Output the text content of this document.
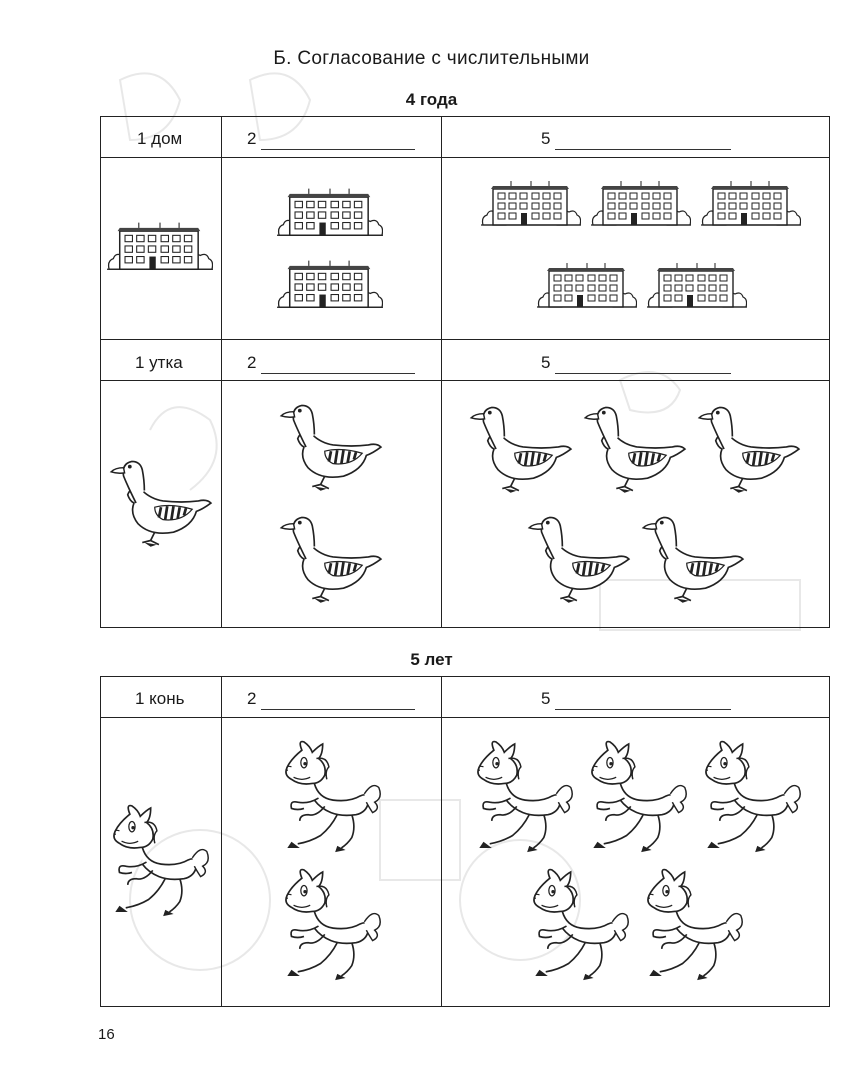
Б. Согласование с числительными
4 года
1 дом	2	5
1 утка	2	5
5 лет
1 конь	2	5
16
